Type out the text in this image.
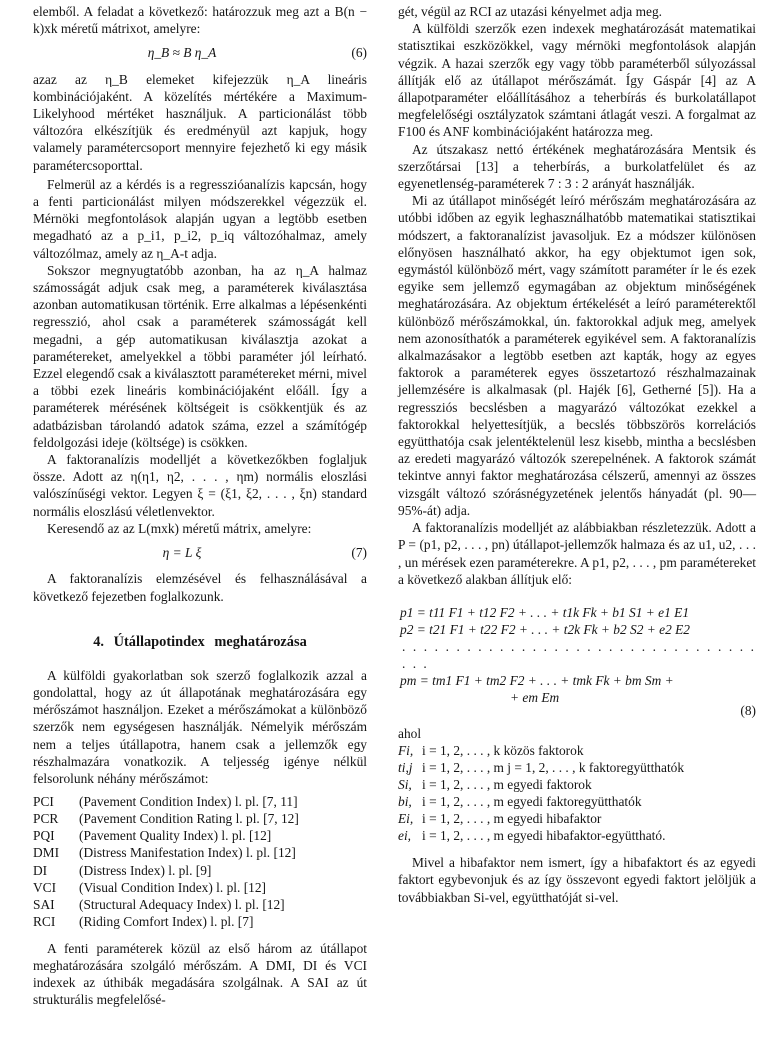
elemből. A feladat a következő: határozzuk meg azt a B(n − k)xk méretű mátrixot, amelyre:

η_B ≈ B η_A	(6)

azaz az η_B elemeket kifejezzük η_A lineáris kombinációjaként. A közelítés mértékére a Maximum-Likelyhood mértéket használjuk. A particionálást több változóra elkészítjük és eredményül azt kapjuk, hogy valamely paramétercsoport mennyire fejezhető ki egy másik paramétercsoporttal.

Felmerül az a kérdés is a regresszióanalízis kapcsán, hogy a fenti particionálást milyen módszerekkel végezzük el. Mérnöki megfontolások alapján ugyan a legtöbb esetben megadható az a p_i1, p_i2, p_iq változóhalmaz, amely változólmaz, amely az η_A-t adja.

Sokszor megnyugtatóbb azonban, ha az η_A halmaz számosságát adjuk csak meg, a paraméterek kiválasztása azonban automatikusan történik. Erre alkalmas a lépésenkénti regresszió, ahol csak a paraméterek számosságát kell megadni, a gép automatikusan kiválasztja azokat a paramétereket, amelyekkel a többi paraméter jól leírható. Ezzel elegendő csak a kiválasztott paramétereket mérni, mivel a többi ezek lineáris kombinációjaként előáll. Így a paraméterek mérésének költségeit is csökkentjük és az adatbázisban tárolandó adatok száma, ezzel a számítógép feldolgozási ideje (költsége) is csökken.

A faktoranalízis modelljét a következőkben foglaljuk össze. Adott az η(η1, η2, . . . , ηm) normális eloszlási valószínűségi vektor. Legyen ξ = (ξ1, ξ2, . . . , ξn) standard normális eloszlású véletlenvektor.

Keresendő az az L(mxk) méretű mátrix, amelyre:

η = L ξ	(7)

A faktoranalízis elemzésével és felhasználásával a következő fejezetben foglalkozunk.

4. Útállapotindex meghatározása

A külföldi gyakorlatban sok szerző foglalkozik azzal a gondolattal, hogy az út állapotának meghatározására egy mérőszámot használjon. Ezeket a mérőszámokat a különböző szerzők nem egységesen használják. Némelyik mérőszám nem a teljes útállapotra, hanem csak a jellemzők egy részhalmazára vonatkozik. A teljesség igénye nélkül felsorolunk néhány mérőszámot:

PCI	(Pavement Condition Index) l. pl. [7, 11]
PCR	(Pavement Condition Rating l. pl. [7, 12]
PQI	(Pavement Quality Index) l. pl. [12]
DMI	(Distress Manifestation Index) l. pl. [12]
DI	(Distress Index) l. pl. [9]
VCI	(Visual Condition Index) l. pl. [12]
SAI	(Structural Adequacy Index) l. pl. [12]
RCI	(Riding Comfort Index) l. pl. [7]

A fenti paraméterek közül az első három az útállapot meghatározására szolgáló mérőszám. A DMI, DI és VCI indexek az úthibák megadására szolgálnak. A SAI az út strukturális megfelelősé-

gét, végül az RCI az utazási kényelmet adja meg.

A külföldi szerzők ezen indexek meghatározását matematikai statisztikai eszközökkel, vagy mérnöki megfontolások alapján végzik. A hazai szerzők egy vagy több paraméterből súlyozással állítják elő az útállapot mérőszámát. Így Gáspár [4] az A állapotparaméter előállításához a teherbírás és burkolatállapot megfelelőségi osztályzatok számtani átlagát veszi. A forgalmat az F100 és ANF kombinációjaként határozza meg.

Az útszakasz nettó értékének meghatározására Mentsik és szerzőtársai [13] a teherbírás, a burkolatfelület és az egyenetlenség-paraméterek 7 : 3 : 2 arányát használják.

Mi az útállapot minőségét leíró mérőszám meghatározására az utóbbi időben az egyik leghasználhatóbb matematikai statisztikai módszert, a faktoranalízist javasoljuk. Ez a módszer különösen előnyösen használható akkor, ha egy objektumot igen sok, egymástól különböző mért, vagy számított paraméter ír le és ezek egyike sem jellemző egymagában az objektum minőségének meghatározására. Az objektum értékelését a leíró paraméterektől különböző mérőszámokkal, ún. faktorokkal adjuk meg, amelyek nem azonosíthatók a paraméterek egyikével sem. A faktoranalízis alkalmazásakor a legtöbb esetben azt kapták, hogy az egyes faktorok a paraméterek egyes összetartozó részhalmazainak jellemzésére is alkalmasak (pl. Hajék [6], Getherné [5]). Ha a regressziós becslésben a magyarázó változókat ezekkel a faktorokkal helyettesítjük, a becslés többszörös korrelációs együtthatója csak jelentéktelenül lesz kisebb, mintha a becslésben az eredeti magyarázó változók szerepelnének. A faktorok számát tekintve annyi faktor meghatározása célszerű, amennyi az összes vizsgált változó szórásnégyzetének jelentős hányadát (pl. 90—95%-át) adja.

A faktoranalízis modelljét az alábbiakban részletezzük. Adott a P = (p1, p2, . . . , pn) útállapot-jellemzők halmaza és az u1, u2, . . . , un mérések ezen paraméterekre. A p1, p2, . . . , pm paramétereket a következő alakban állítjuk elő:

p1 = t11 F1 + t12 F2 + . . . + t1k Fk + b1 S1 + e1 E1
p2 = t21 F1 + t22 F2 + . . . + t2k Fk + b2 S2 + e2 E2
. . . . . . . . . . . . . . . . . . . . . . . . . . . . . . . . . . . .
pm = tm1 F1 + tm2 F2 + . . . + tmk Fk + bm Sm +
+ em Em
(8)

ahol

Fi, i = 1, 2, . . . , k közös faktorok
ti,j i = 1, 2, . . . , m j = 1, 2, . . . , k faktoregyütthatók
Si, i = 1, 2, . . . , m egyedi faktorok
bi, i = 1, 2, . . . , m egyedi faktoregyütthatók
Ei, i = 1, 2, . . . , m egyedi hibafaktor
ei, i = 1, 2, . . . , m egyedi hibafaktor-együttható.

Mivel a hibafaktor nem ismert, így a hibafaktort és az egyedi faktort egybevonjuk és az így összevont egyedi faktort jelöljük a továbbiakban Si-vel, együtthatóját si-vel.
